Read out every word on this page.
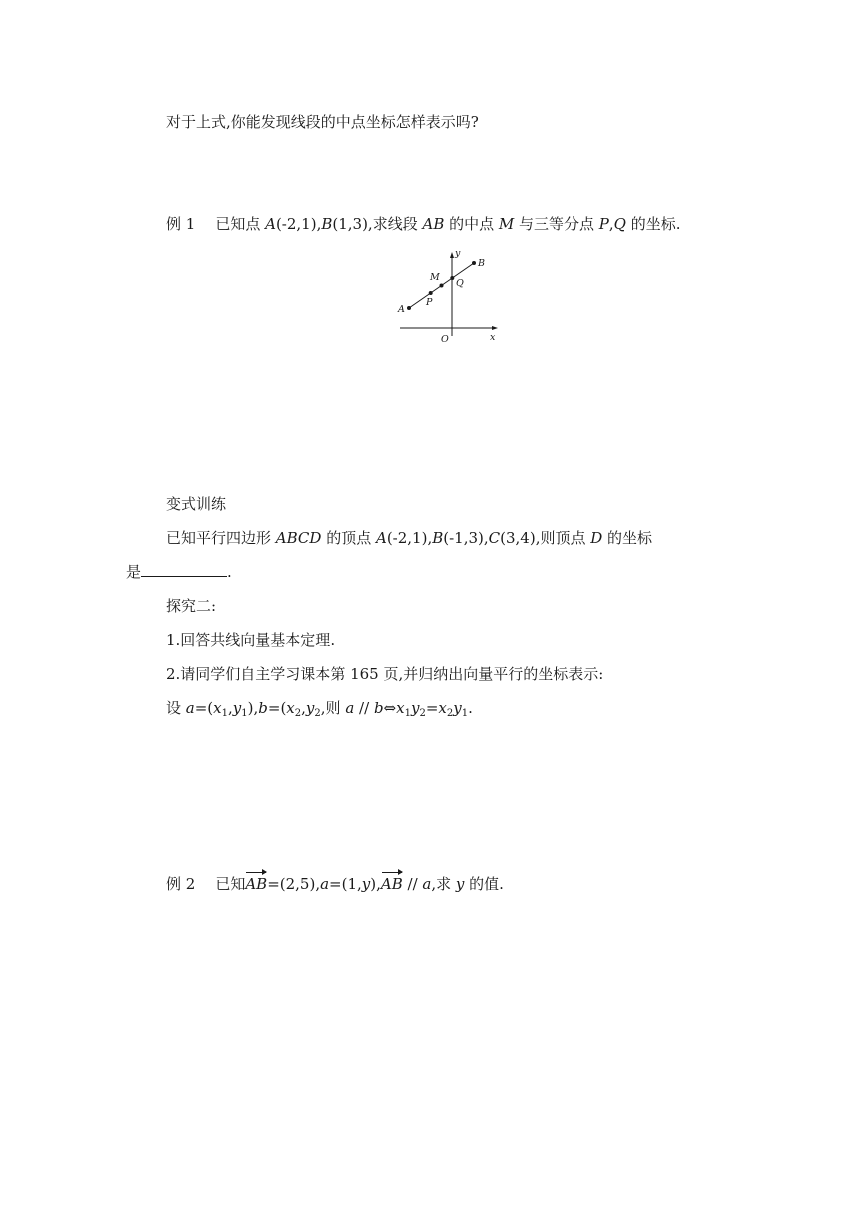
对于上式,你能发现线段的中点坐标怎样表示吗?
例 1 已知点 A(-2,1),B(1,3),求线段 AB 的中点 M 与三等分点 P,Q 的坐标.
A
P
M
Q
B
y
x
O
变式训练
已知平行四边形 ABCD 的顶点 A(-2,1),B(-1,3),C(3,4),则顶点 D 的坐标
是	.
探究二:
1.回答共线向量基本定理.
2.请同学们自主学习课本第 165 页,并归纳出向量平行的坐标表示:
设 $a=(x_1,y_1),b=(x_2,y_2$,则 $a // b\Leftrightarrow x_1y_2=x_2y_1$.
例 2 已知AB=(2,5),a=(1,y),AB // a,求 y 的值.
